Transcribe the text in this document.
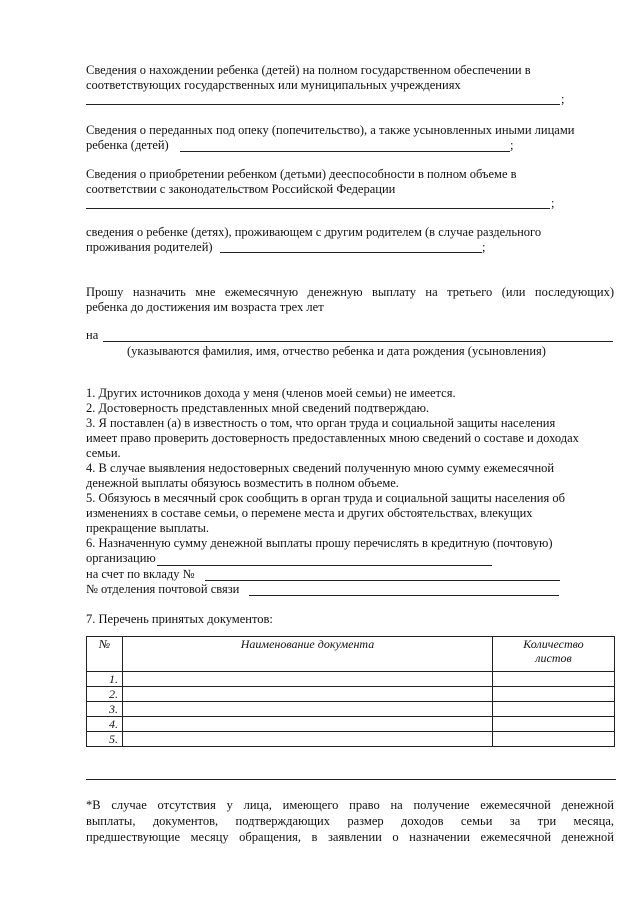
Сведения о нахождении ребенка (детей) на полном государственном обеспечении в
соответствующих государственных или муниципальных учреждениях
;
Сведения о переданных под опеку (попечительство), а также усыновленных иными лицами
ребенка (детей)	;
Сведения о приобретении ребенком (детьми) дееспособности в полном объеме в
соответствии с законодательством Российской Федерации
;
сведения о ребенке (детях), проживающем с другим родителем (в случае раздельного
проживания родителей)	;
Прошу назначить мне ежемесячную денежную выплату на третьего (или последующих)
ребенка до достижения им возраста трех лет
на
(указываются фамилия, имя, отчество ребенка и дата рождения (усыновления)
1. Других источников дохода у меня (членов моей семьи) не имеется.
2. Достоверность представленных мной сведений подтверждаю.
3. Я поставлен (а) в известность о том, что орган труда и социальной защиты населения
имеет право проверить достоверность предоставленных мною сведений о составе и доходах
семьи.
4. В случае выявления недостоверных сведений полученную мною сумму ежемесячной
денежной выплаты обязуюсь возместить в полном объеме.
5. Обязуюсь в месячный срок сообщить в орган труда и социальной защиты населения об
изменениях в составе семьи, о перемене места и других обстоятельствах, влекущих
прекращение выплаты.
6. Назначенную сумму денежной выплаты прошу перечислять в кредитную (почтовую)
организацию
на счет по вкладу №
№ отделения почтовой связи
7. Перечень принятых документов:
№	Наименование документа	Количество
листов
1.		
2.		
3.		
4.		
5.		
*В случае отсутствия у лица, имеющего право на получение ежемесячной денежной
выплаты, документов, подтверждающих размер доходов семьи за три месяца,
предшествующие месяцу обращения, в заявлении о назначении ежемесячной денежной
